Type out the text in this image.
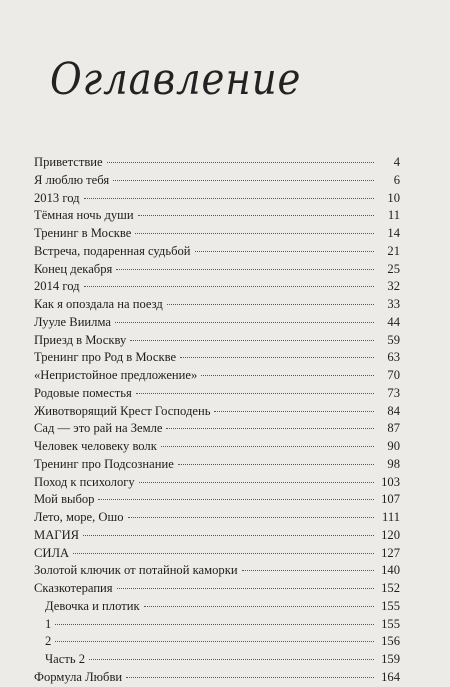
Оглавление
Приветствие	4
Я люблю тебя	6
2013 год	10
Тёмная ночь души	11
Тренинг в Москве	14
Встреча, подаренная судьбой	21
Конец декабря	25
2014 год	32
Как я опоздала на поезд	33
Лууле Виилма	44
Приезд в Москву	59
Тренинг про Род в Москве	63
«Непристойное предложение»	70
Родовые поместья	73
Животворящий Крест Господень	84
Сад — это рай на Земле	87
Человек человеку волк	90
Тренинг про Подсознание	98
Поход к психологу	103
Мой выбор	107
Лето, море, Ошо	111
МАГИЯ	120
СИЛА	127
Золотой ключик от потайной каморки	140
Сказкотерапия	152
Девочка и плотик	155
1	155
2	156
Часть 2	159
Формула Любви	164
